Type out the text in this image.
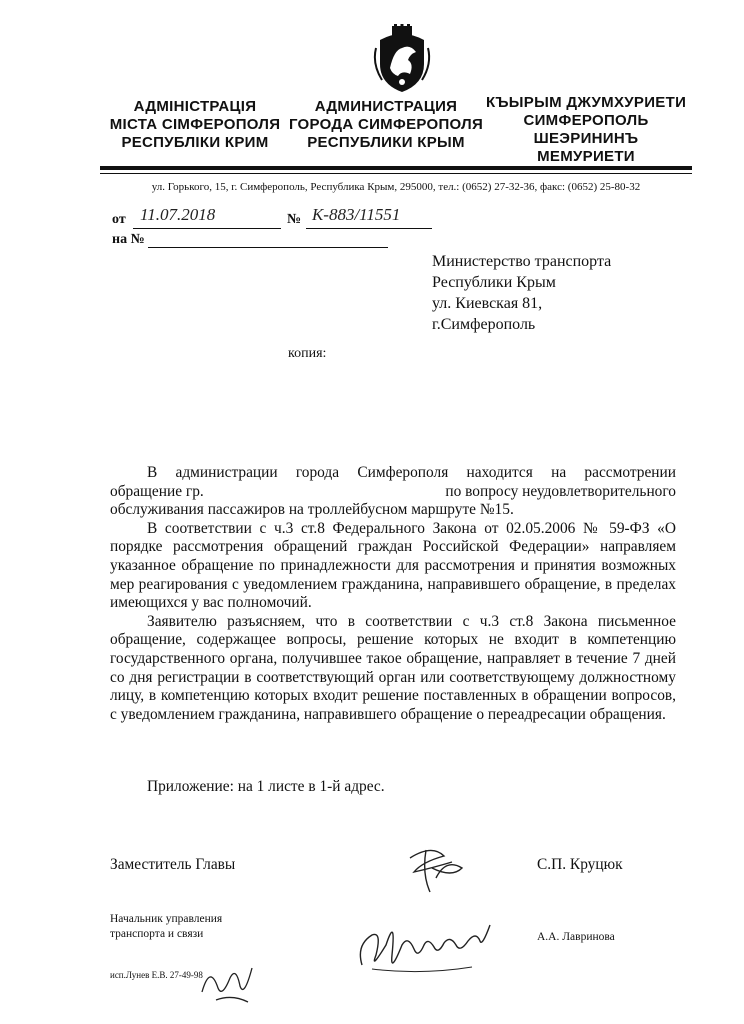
АДМІНІСТРАЦІЯ
МІСТА СІМФЕРОПОЛЯ
РЕСПУБЛІКИ КРИМ
АДМИНИСТРАЦИЯ
ГОРОДА СИМФЕРОПОЛЯ
РЕСПУБЛИКИ КРЫМ
КЪЫРЫМ ДЖУМХУРИЕТИ
СИМФЕРОПОЛЬ
ШЕЭРИНИНЪ
МЕМУРИЕТИ
ул. Горького, 15, г. Симферополь, Республика Крым, 295000, тел.: (0652) 27-32-36, факс: (0652) 25-80-32
от 11.07.2018	№ К-883/11551
на №
Министерство транспорта
Республики Крым
ул. Киевская 81,
г.Симферополь
копия:
В администрации города Симферополя находится на рассмотрении
обращение гр.	по вопросу неудовлетворительного
обслуживания пассажиров на троллейбусном маршруте №15.

В соответствии с ч.3 ст.8 Федерального Закона от 02.05.2006 № 59-ФЗ «О порядке рассмотрения обращений граждан Российской Федерации» направляем указанное обращение по принадлежности для рассмотрения и принятия возможных мер реагирования с уведомлением гражданина, направившего обращение, в пределах имеющихся у вас полномочий.

Заявителю разъясняем, что в соответствии с ч.3 ст.8 Закона письменное обращение, содержащее вопросы, решение которых не входит в компетенцию государственного органа, получившее такое обращение, направляет в течение 7 дней со дня регистрации в соответствующий орган или соответствующему должностному лицу, в компетенцию которых входит решение поставленных в обращении вопросов, с уведомлением гражданина, направившего обращение о переадресации обращения.

Приложение: на 1 листе в 1-й адрес.
Заместитель Главы	С.П. Круцюк
Начальник управления
транспорта и связи	А.А. Лавринова
исп.Лунев Е.В. 27-49-98
